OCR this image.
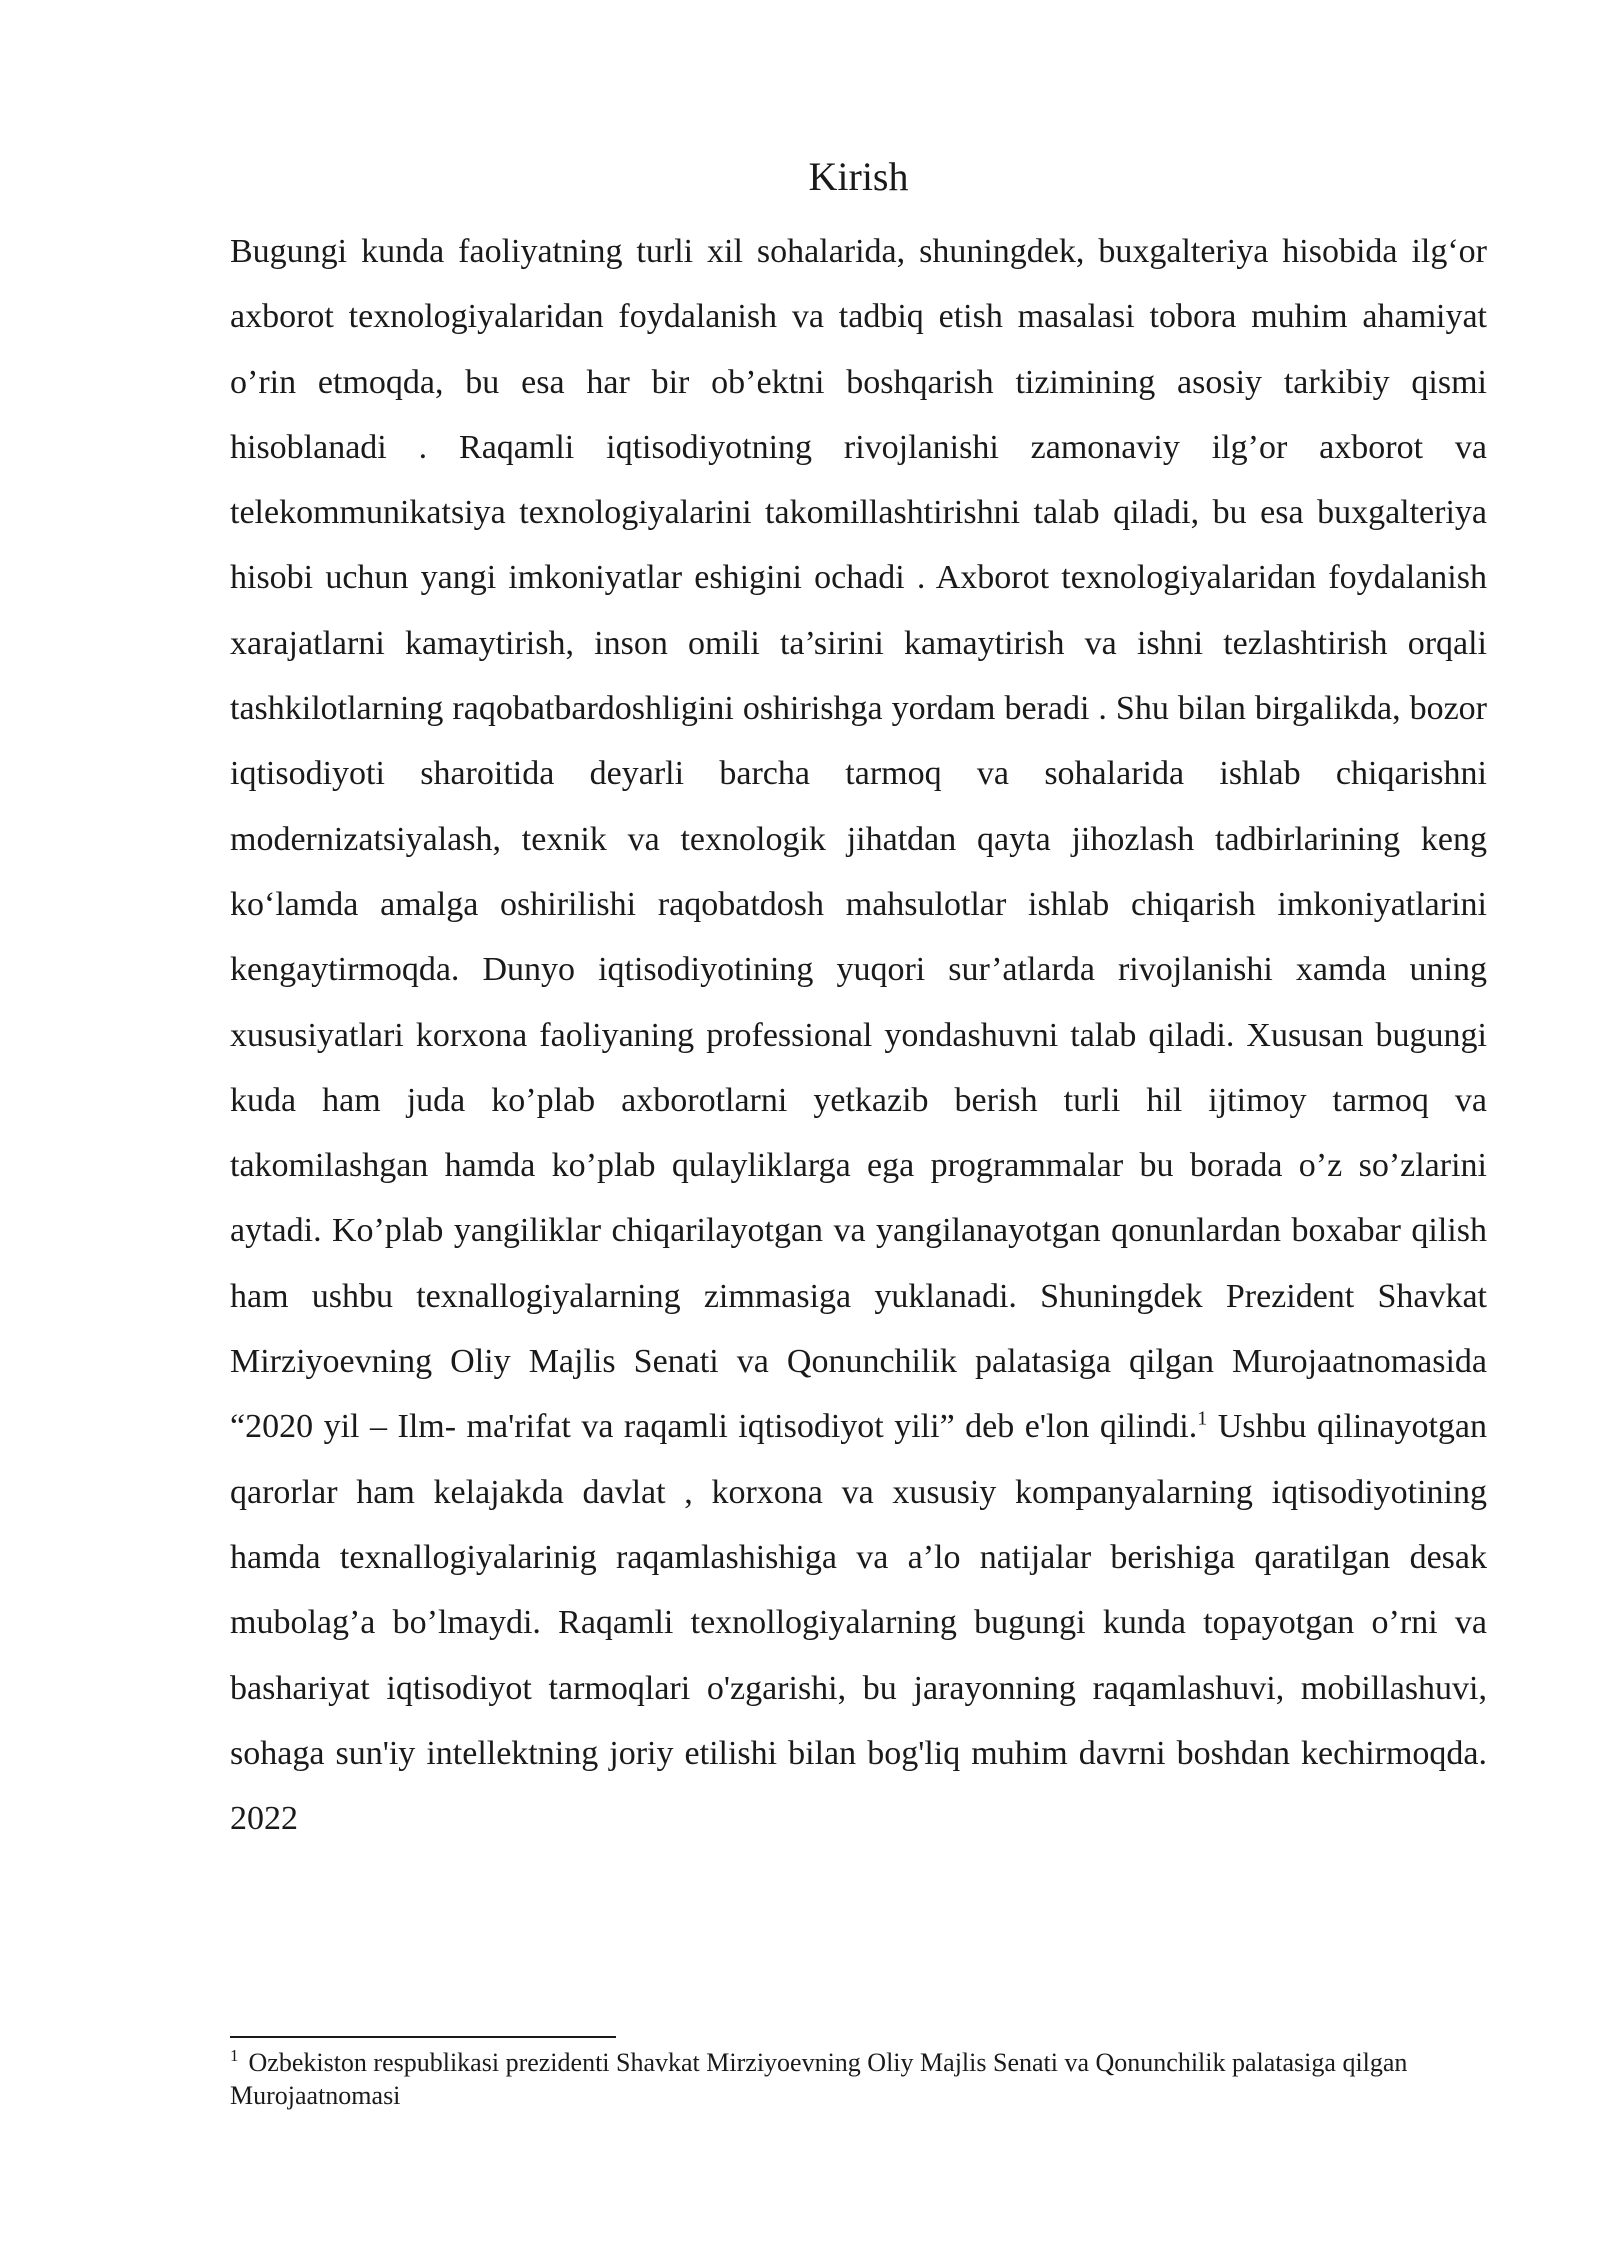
Kirish

Bugungi kunda faoliyatning turli xil sohalarida, shuningdek, buxgalteriya hisobida ilg‘or axborot texnologiyalaridan foydalanish va tadbiq etish masalasi tobora muhim ahamiyat o’rin etmoqda, bu esa har bir ob’ektni boshqarish tizimining asosiy tarkibiy qismi hisoblanadi . Raqamli iqtisodiyotning rivojlanishi zamonaviy ilg’or axborot va telekommunikatsiya texnologiyalarini takomillashtirishni talab qiladi, bu esa buxgalteriya hisobi uchun yangi imkoniyatlar eshigini ochadi . Axborot texnologiyalaridan foydalanish xarajatlarni kamaytirish, inson omili ta’sirini kamaytirish va ishni tezlashtirish orqali tashkilotlarning raqobatbardoshligini oshirishga yordam beradi . Shu bilan birgalikda, bozor iqtisodiyoti sharoitida deyarli barcha tarmoq va sohalarida ishlab chiqarishni modernizatsiyalash, texnik va texnologik jihatdan qayta jihozlash tadbirlarining keng ko‘lamda amalga oshirilishi raqobatdosh mahsulotlar ishlab chiqarish imkoniyatlarini kengaytirmoqda. Dunyo iqtisodiyotining yuqori sur’atlarda rivojlanishi xamda uning xususiyatlari korxona faoliyaning professional yondashuvni talab qiladi. Xususan bugungi kuda ham juda ko’plab axborotlarni yetkazib berish turli hil ijtimoy tarmoq va takomilashgan hamda ko’plab qulayliklarga ega programmalar bu borada o’z so’zlarini aytadi. Ko’plab yangiliklar chiqarilayotgan va yangilanayotgan qonunlardan boxabar qilish ham ushbu texnallogiyalarning zimmasiga yuklanadi. Shuningdek Prezident Shavkat Mirziyoevning Oliy Majlis Senati va Qonunchilik palatasiga qilgan Murojaatnomasida “2020 yil – Ilm- ma'rifat va raqamli iqtisodiyot yili” deb e'lon qilindi.$^1$ Ushbu qilinayotgan qarorlar ham kelajakda davlat , korxona va xususiy kompanyalarning iqtisodiyotining hamda texnallogiyalarinig raqamlashishiga va a’lo natijalar berishiga qaratilgan desak mubolag’a bo’lmaydi. Raqamli texnollogiyalarning bugungi kunda topayotgan o’rni va bashariyat iqtisodiyot tarmoqlari o'zgarishi, bu jarayonning raqamlashuvi, mobillashuvi, sohaga sun'iy intellektning joriy etilishi bilan bog'liq muhim davrni boshdan kechirmoqda. 2022

$^1$ Ozbekiston respublikasi prezidenti Shavkat Mirziyoevning Oliy Majlis Senati va Qonunchilik palatasiga qilgan Murojaatnomasi
